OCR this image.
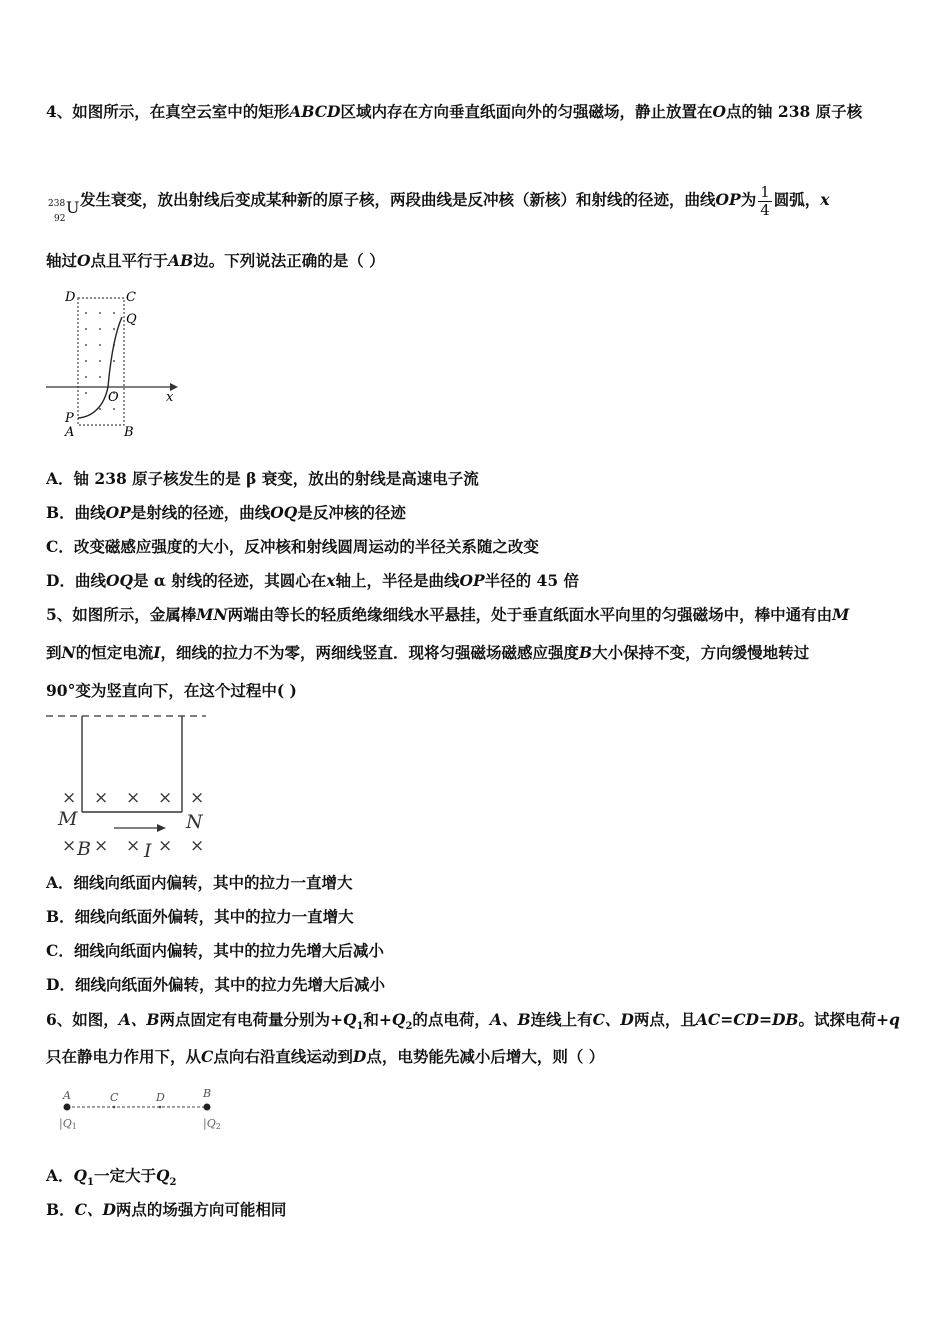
4、如图所示，在真空云室中的矩形ABCD区域内存在方向垂直纸面向外的匀强磁场，静止放置在O点的铀 238 原子核
238
92
U 发生衰变，放出射线后变成某种新的原子核，两段曲线是反冲核（新核）和射线的径迹，曲线OP为 $\frac{1}{4}$ 圆弧，x
轴过O点且平行于AB边。下列说法正确的是（ ）
D	C
Q
O	x
P
A	B
A．铀 238 原子核发生的是 β 衰变，放出的射线是高速电子流
B．曲线OP是射线的径迹，曲线OQ是反冲核的径迹
C．改变磁感应强度的大小，反冲核和射线圆周运动的半径关系随之改变
D．曲线OQ是 α 射线的径迹，其圆心在x轴上，半径是曲线OP半径的 45 倍
5、如图所示，金属棒MN两端由等长的轻质绝缘细线水平悬挂，处于垂直纸面水平向里的匀强磁场中，棒中通有由M
到N的恒定电流I，细线的拉力不为零，两细线竖直．现将匀强磁场磁感应强度B大小保持不变，方向缓慢地转过
90°变为竖直向下，在这个过程中( )
× × × × ×
× × × × ×
M	N
B	I
A．细线向纸面内偏转，其中的拉力一直增大
B．细线向纸面外偏转，其中的拉力一直增大
C．细线向纸面内偏转，其中的拉力先增大后减小
D．细线向纸面外偏转，其中的拉力先增大后减小
6、如图，A、B两点固定有电荷量分别为$+Q_1$和$+Q_2$的点电荷，A、B连线上有C、D两点，且AC=CD=DB。试探电荷+q
只在静电力作用下，从C点向右沿直线运动到D点，电势能先减小后增大，则（ ）
A	C	D	B
|Q1	|Q2
A．$Q_1$一定大于$Q_2$
B．C、D两点的场强方向可能相同
